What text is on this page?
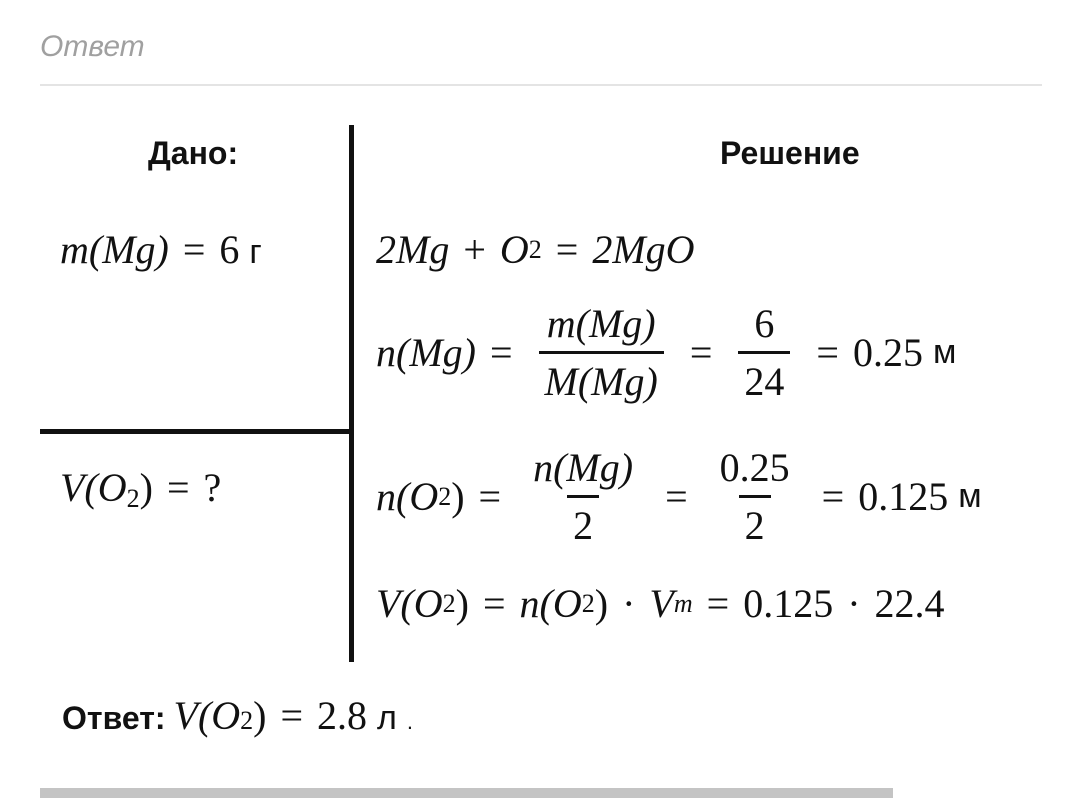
Ответ
Дано:	Решение
m(Mg) = 6 г
$V(O_2)$ = ?
2Mg + O 2 = 2MgO
$n(Mg) = \frac{m(Mg)}{M(Mg)} = \frac{6}{24} = 0.25$
м
n(O 2 ) = $\frac{n(Mg)}{2} = \frac{0.25}{2} = 0.125$
м
V(O 2 ) = n(O 2 ) · V m = 0.125 · 22.4
Ответ: V(O 2 ) = 2.8
л
.
